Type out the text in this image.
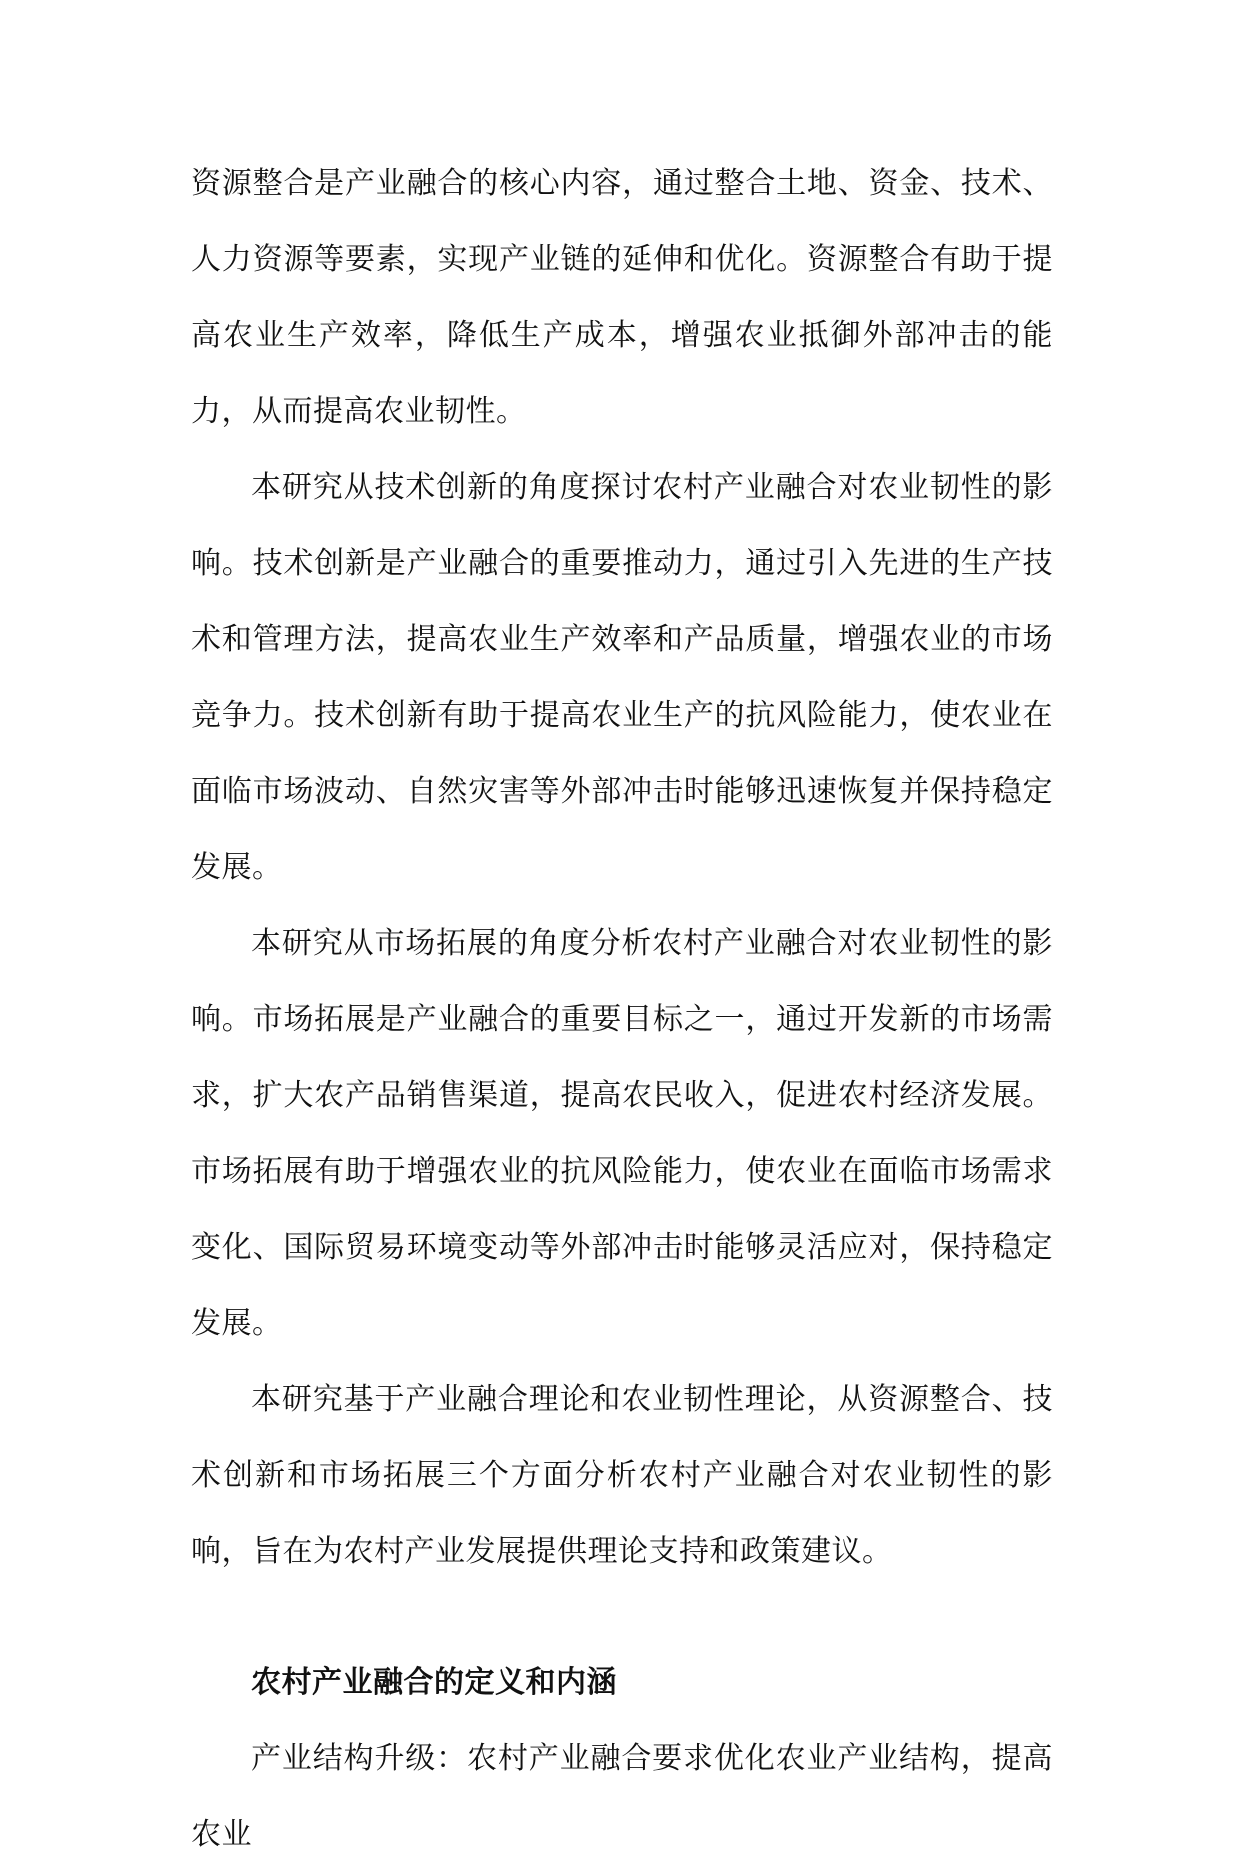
资源整合是产业融合的核心内容，通过整合土地、资金、技术、人力资源等要素，实现产业链的延伸和优化。资源整合有助于提高农业生产效率，降低生产成本，增强农业抵御外部冲击的能力，从而提高农业韧性。

本研究从技术创新的角度探讨农村产业融合对农业韧性的影响。技术创新是产业融合的重要推动力，通过引入先进的生产技术和管理方法，提高农业生产效率和产品质量，增强农业的市场竞争力。技术创新有助于提高农业生产的抗风险能力，使农业在面临市场波动、自然灾害等外部冲击时能够迅速恢复并保持稳定发展。

本研究从市场拓展的角度分析农村产业融合对农业韧性的影响。市场拓展是产业融合的重要目标之一，通过开发新的市场需求，扩大农产品销售渠道，提高农民收入，促进农村经济发展。市场拓展有助于增强农业的抗风险能力，使农业在面临市场需求变化、国际贸易环境变动等外部冲击时能够灵活应对，保持稳定发展。

本研究基于产业融合理论和农业韧性理论，从资源整合、技术创新和市场拓展三个方面分析农村产业融合对农业韧性的影响，旨在为农村产业发展提供理论支持和政策建议。

农村产业融合的定义和内涵

产业结构升级：农村产业融合要求优化农业产业结构，提高农业
